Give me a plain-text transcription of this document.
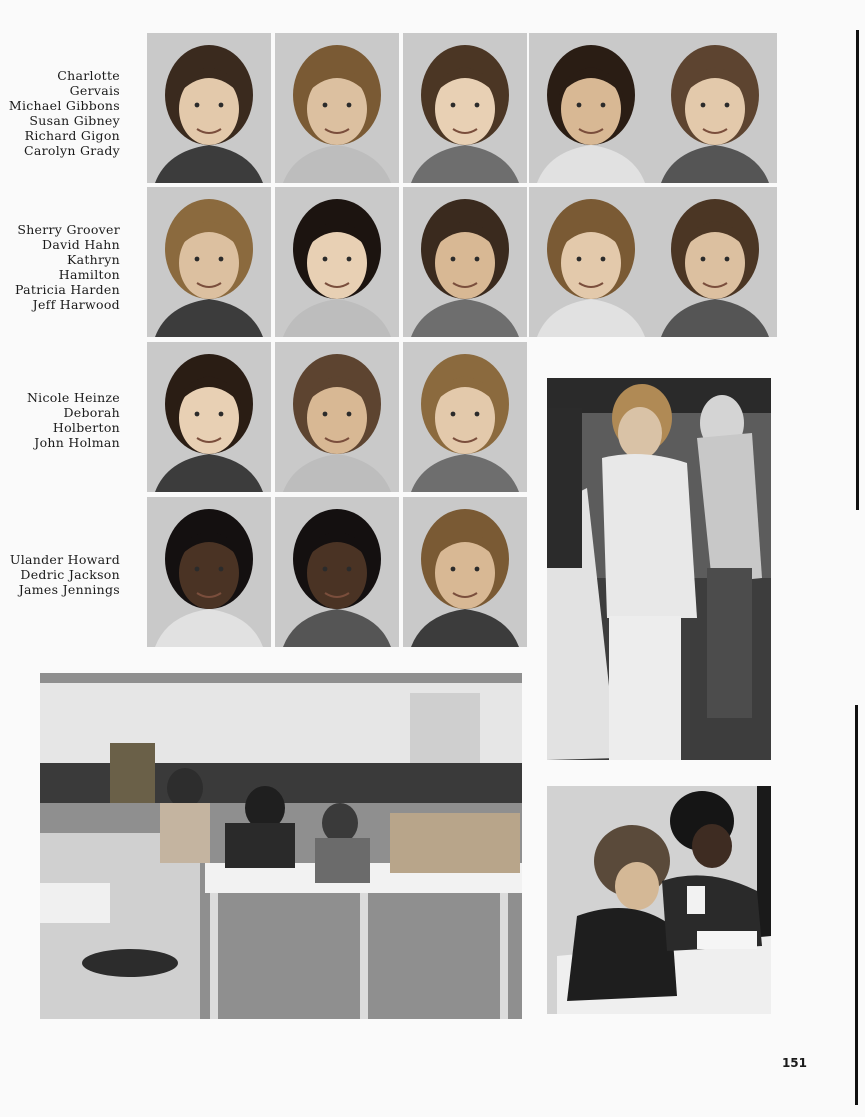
Charlotte
Gervais
Michael Gibbons
Susan Gibney
Richard Gigon
Carolyn Grady
Sherry Groover
David Hahn
Kathryn
Hamilton
Patricia Harden
Jeff Harwood
Nicole Heinze
Deborah
Holberton
John Holman
Ulander Howard
Dedric Jackson
James Jennings
151
